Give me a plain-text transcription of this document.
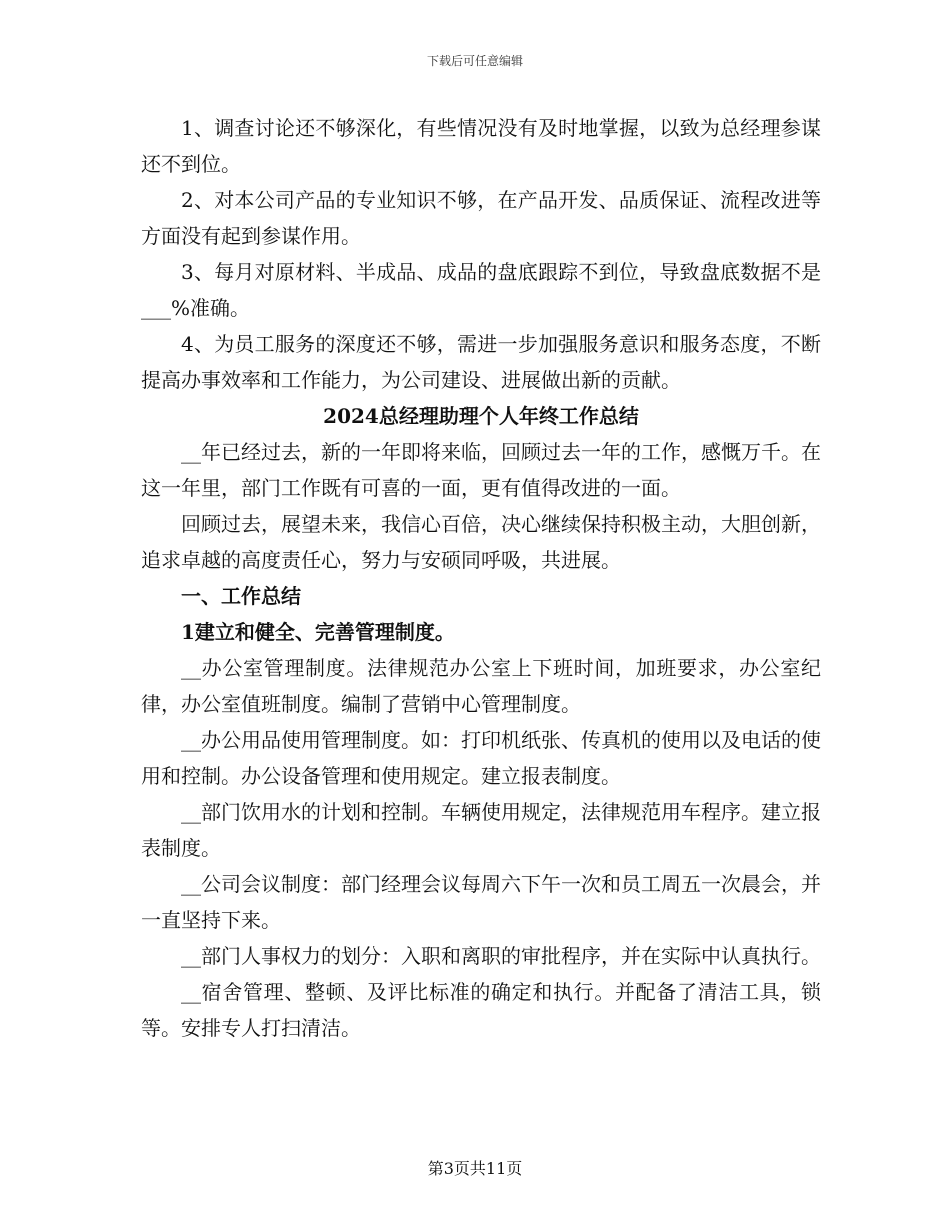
下载后可任意编辑

1、调查讨论还不够深化，有些情况没有及时地掌握，以致为总经理参谋还不到位。

2、对本公司产品的专业知识不够，在产品开发、品质保证、流程改进等方面没有起到参谋作用。

3、每月对原材料、半成品、成品的盘底跟踪不到位，导致盘底数据不是___%准确。

4、为员工服务的深度还不够，需进一步加强服务意识和服务态度，不断提高办事效率和工作能力，为公司建设、进展做出新的贡献。

2024总经理助理个人年终工作总结

__年已经过去，新的一年即将来临，回顾过去一年的工作，感慨万千。在这一年里，部门工作既有可喜的一面，更有值得改进的一面。

回顾过去，展望未来，我信心百倍，决心继续保持积极主动，大胆创新，追求卓越的高度责任心，努力与安硕同呼吸，共进展。

一、工作总结

1建立和健全、完善管理制度。

__办公室管理制度。法律规范办公室上下班时间，加班要求，办公室纪律，办公室值班制度。编制了营销中心管理制度。

__办公用品使用管理制度。如：打印机纸张、传真机的使用以及电话的使用和控制。办公设备管理和使用规定。建立报表制度。

__部门饮用水的计划和控制。车辆使用规定，法律规范用车程序。建立报表制度。

__公司会议制度：部门经理会议每周六下午一次和员工周五一次晨会，并一直坚持下来。

__部门人事权力的划分：入职和离职的审批程序，并在实际中认真执行。

__宿舍管理、整顿、及评比标准的确定和执行。并配备了清洁工具，锁等。安排专人打扫清洁。

第3页共11页
